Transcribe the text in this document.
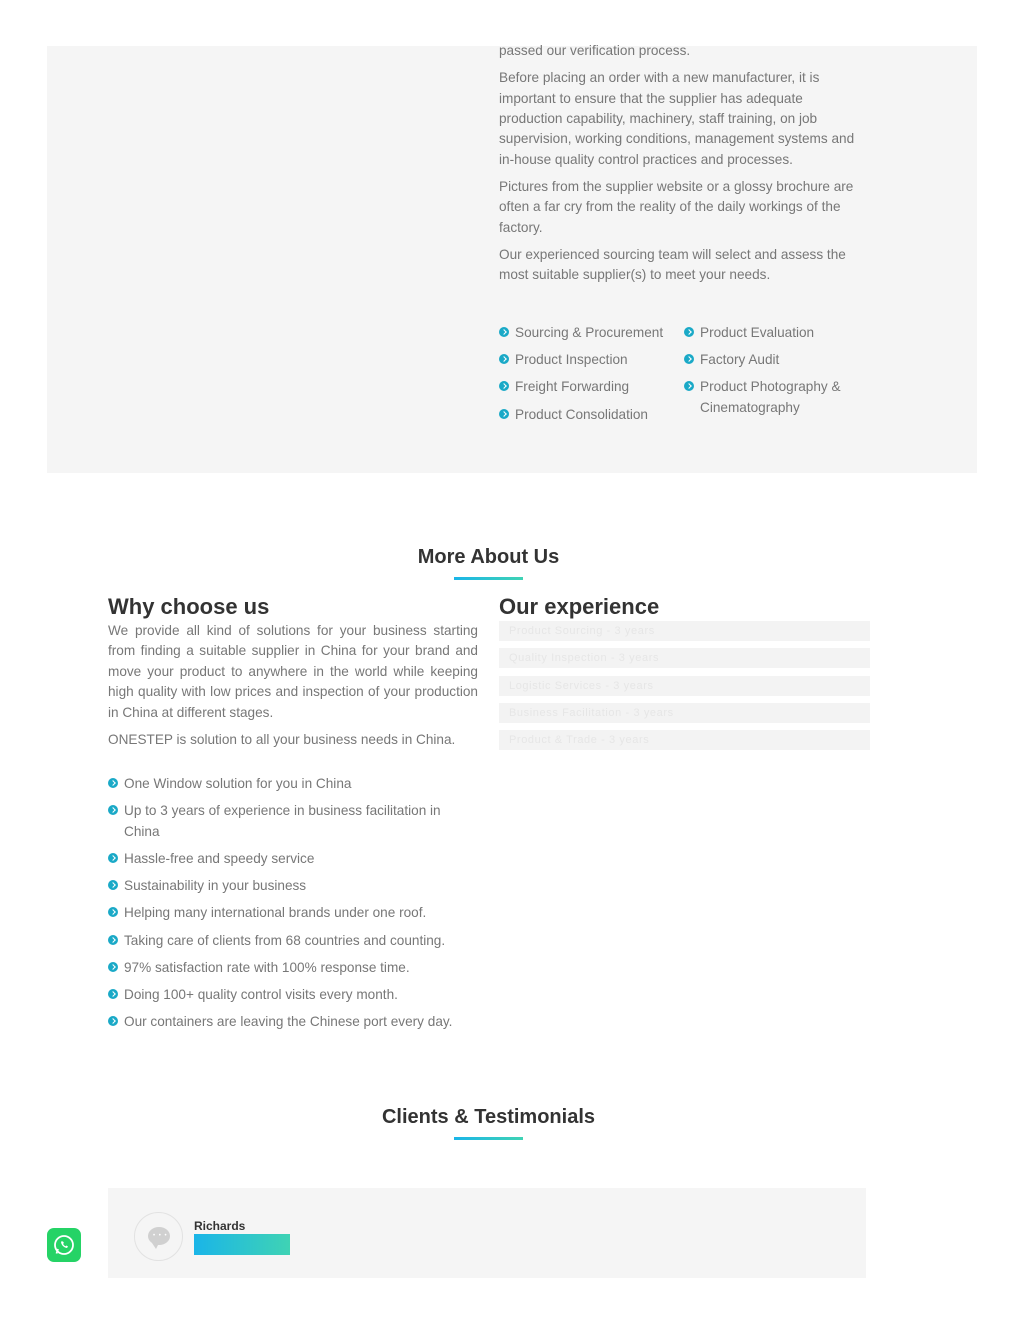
passed our verification process.

Before placing an order with a new manufacturer, it is important to ensure that the supplier has adequate production capability, machinery, staff training, on job supervision, working conditions, management systems and in-house quality control practices and processes.

Pictures from the supplier website or a glossy brochure are often a far cry from the reality of the daily workings of the factory.

Our experienced sourcing team will select and assess the most suitable supplier(s) to meet your needs.

Sourcing & Procurement
Product Inspection
Freight Forwarding
Product Consolidation
Product Evaluation
Factory Audit
Product Photography & Cinematography
More About Us
Why choose us

We provide all kind of solutions for your business starting from finding a suitable supplier in China for your brand and move your product to anywhere in the world while keeping high quality with low prices and inspection of your production in China at different stages.

ONESTEP is solution to all your business needs in China.

One Window solution for you in China
Up to 3 years of experience in business facilitation in China
Hassle-free and speedy service
Sustainability in your business
Helping many international brands under one roof.
Taking care of clients from 68 countries and counting.
97% satisfaction rate with 100% response time.
Doing 100+ quality control visits every month.
Our containers are leaving the Chinese port every day.
Our experience
Product Sourcing - 3 years
Quality Inspection - 3 years
Logistic Services - 3 years
Business Facilitation - 3 years
Product & Trade - 3 years
Clients & Testimonials
• • •
Richards
